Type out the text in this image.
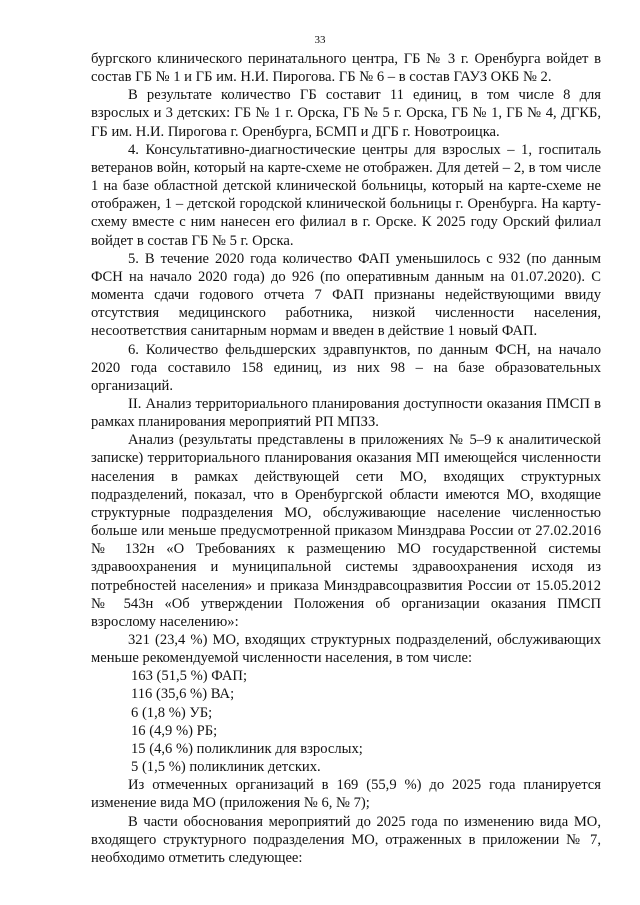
33

бургского клинического перинатального центра, ГБ № 3 г. Оренбурга войдет в состав ГБ № 1 и ГБ им. Н.И. Пирогова. ГБ № 6 – в состав ГАУЗ ОКБ № 2.

В результате количество ГБ составит 11 единиц, в том числе 8 для взрослых и 3 детских: ГБ № 1 г. Орска, ГБ № 5 г. Орска, ГБ № 1, ГБ № 4, ДГКБ, ГБ им. Н.И. Пирогова г. Оренбурга, БСМП и ДГБ г. Новотроицка.

4. Консультативно-диагностические центры для взрослых – 1, госпиталь ветеранов войн, который на карте-схеме не отображен. Для детей – 2, в том числе 1 на базе областной детской клинической больницы, который на карте-схеме не отображен, 1 – детской городской клинической больницы г. Оренбурга. На карту-схему вместе с ним нанесен его филиал в г. Орске. К 2025 году Орский филиал войдет в состав ГБ № 5 г. Орска.

5. В течение 2020 года количество ФАП уменьшилось с 932 (по данным ФСН на начало 2020 года) до 926 (по оперативным данным на 01.07.2020). С момента сдачи годового отчета 7 ФАП признаны недействующими ввиду отсутствия медицинского работника, низкой численности населения, несоответствия санитарным нормам и введен в действие 1 новый ФАП.

6. Количество фельдшерских здравпунктов, по данным ФСН, на начало 2020 года составило 158 единиц, из них 98 – на базе образовательных организаций.

II. Анализ территориального планирования доступности оказания ПМСП в рамках планирования мероприятий РП МПЗЗ.

Анализ (результаты представлены в приложениях № 5–9 к аналитической записке) территориального планирования оказания МП имеющейся численности населения в рамках действующей сети МО, входящих структурных подразделений, показал, что в Оренбургской области имеются МО, входящие структурные подразделения МО, обслуживающие население численностью больше или меньше предусмотренной приказом Минздрава России от 27.02.2016 № 132н «О Требованиях к размещению МО государственной системы здравоохранения и муниципальной системы здравоохранения исходя из потребностей населения» и приказа Минздравсоцразвития России от 15.05.2012 № 543н «Об утверждении Положения об организации оказания ПМСП взрослому населению»:

321 (23,4 %) МО, входящих структурных подразделений, обслуживающих меньше рекомендуемой численности населения, в том числе:

163 (51,5 %) ФАП;

116 (35,6 %) ВА;

6 (1,8 %) УБ;

16 (4,9 %) РБ;

15 (4,6 %) поликлиник для взрослых;

5 (1,5 %) поликлиник детских.

Из отмеченных организаций в 169 (55,9 %) до 2025 года планируется изменение вида МО (приложения № 6, № 7);

В части обоснования мероприятий до 2025 года по изменению вида МО, входящего структурного подразделения МО, отраженных в приложении № 7, необходимо отметить следующее:
